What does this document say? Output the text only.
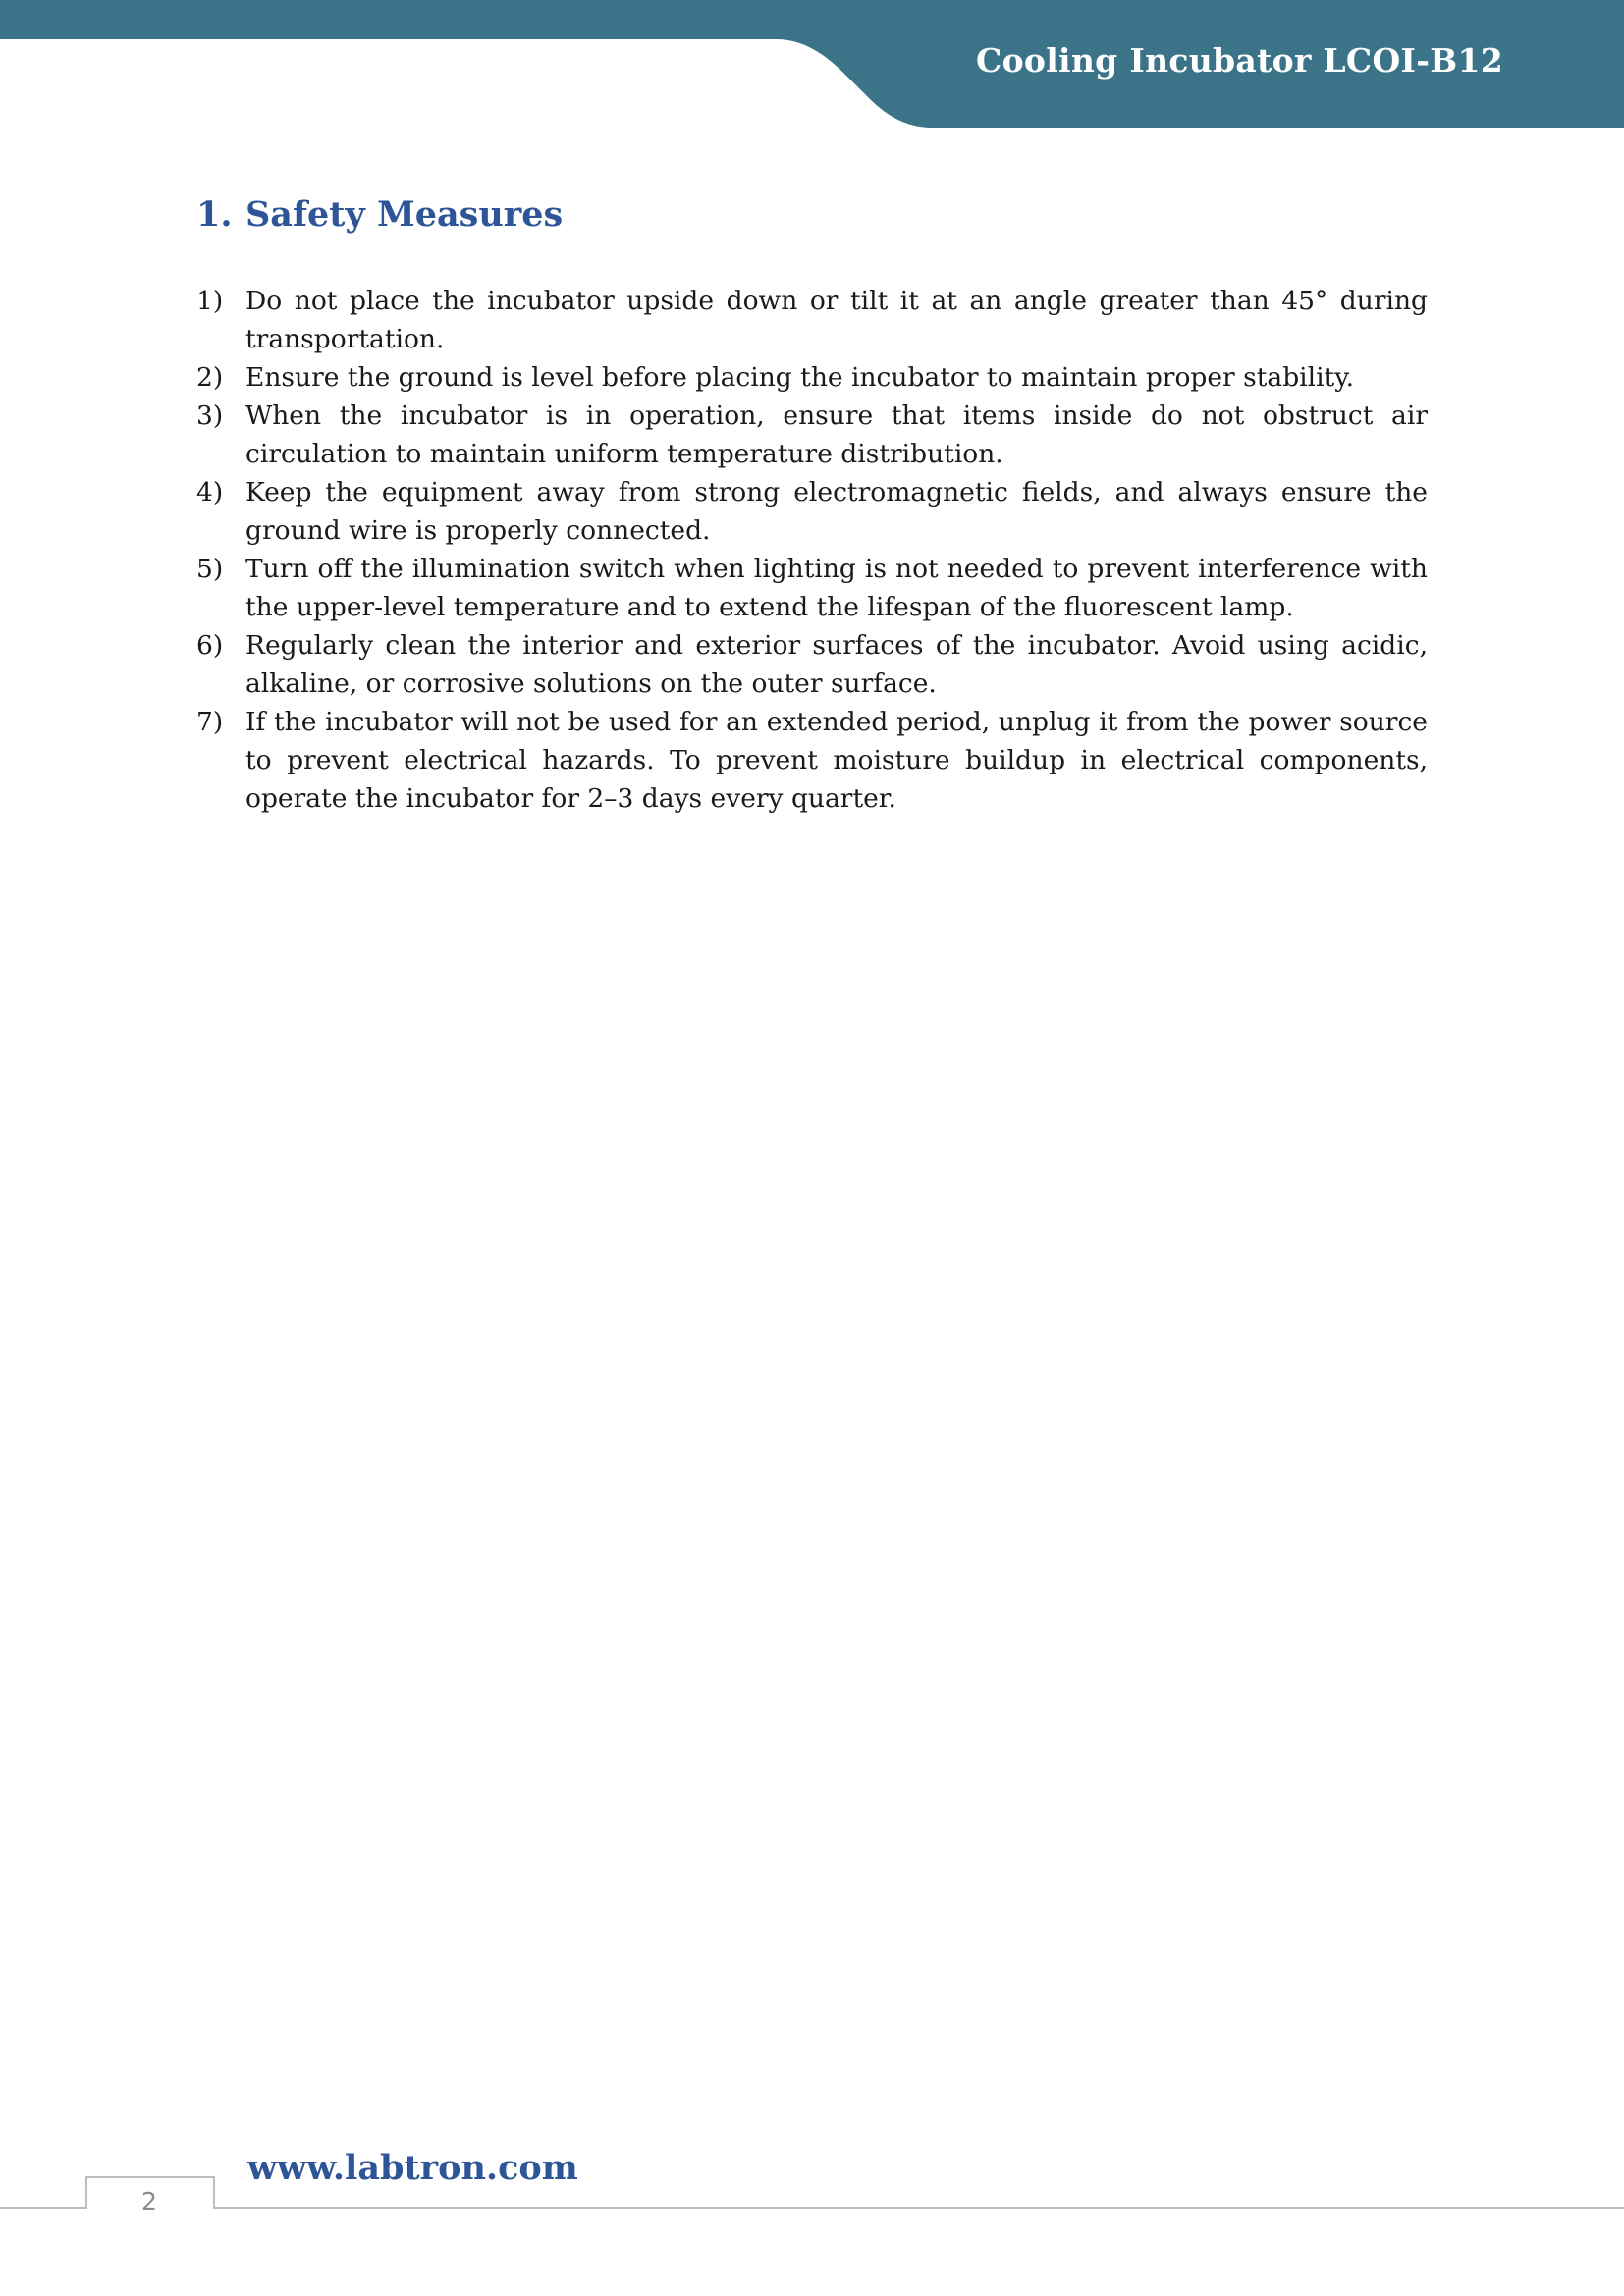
Cooling Incubator LCOI-B12
1. Safety Measures
1) Do not place the incubator upside down or tilt it at an angle greater than 45° during transportation.
2) Ensure the ground is level before placing the incubator to maintain proper stability.
3) When the incubator is in operation, ensure that items inside do not obstruct air circulation to maintain uniform temperature distribution.
4) Keep the equipment away from strong electromagnetic fields, and always ensure the ground wire is properly connected.
5) Turn off the illumination switch when lighting is not needed to prevent interference with the upper-level temperature and to extend the lifespan of the fluorescent lamp.
6) Regularly clean the interior and exterior surfaces of the incubator. Avoid using acidic, alkaline, or corrosive solutions on the outer surface.
7) If the incubator will not be used for an extended period, unplug it from the power source to prevent electrical hazards. To prevent moisture buildup in electrical components, operate the incubator for 2–3 days every quarter.
www.labtron.com
2
